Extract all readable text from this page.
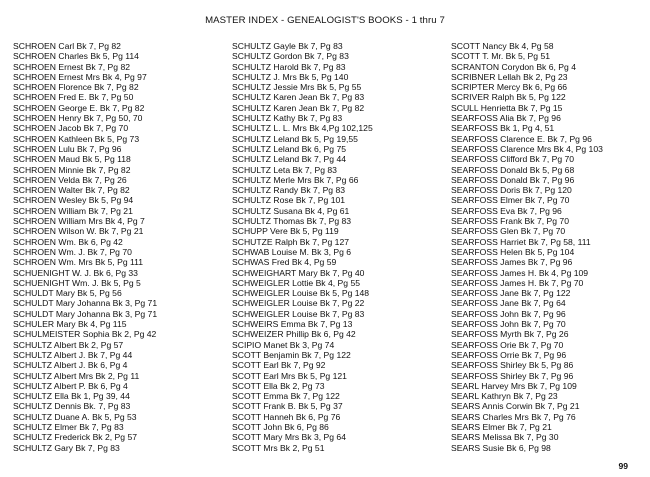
MASTER INDEX - GENEALOGIST'S BOOKS - 1 thru 7
SCHROEN Carl Bk 7, Pg 82
SCHROEN Charles Bk 5, Pg 114
SCHROEN Ernest Bk 7, Pg 82
SCHROEN Ernest Mrs Bk 4, Pg 97
SCHROEN Florence Bk 7, Pg 82
SCHROEN Fred E. Bk 7, Pg 50
SCHROEN George E. Bk 7, Pg 82
SCHROEN Henry Bk 7, Pg 50, 70
SCHROEN Jacob Bk 7, Pg 70
SCHROEN Kathleen Bk 5, Pg 73
SCHROEN Lulu Bk 7, Pg 96
SCHROEN Maud Bk 5, Pg 118
SCHROEN Minnie Bk 7, Pg 82
SCHROEN Velda Bk 7, Pg 26
SCHROEN Walter Bk 7, Pg 82
SCHROEN Wesley Bk 5, Pg 94
SCHROEN William Bk 7, Pg 21
SCHROEN William Mrs Bk 4, Pg 7
SCHROEN Wilson W. Bk 7, Pg 21
SCHROEN Wm. Bk 6, Pg 42
SCHROEN Wm. J. Bk 7, Pg 70
SCHROEN Wm. Mrs Bk 5, Pg 111
SCHUENIGHT W. J. Bk 6, Pg 33
SCHUENIGHT Wm. J. Bk 5, Pg 5
SCHULDT Mary Bk 5, Pg 56
SCHULDT Mary Johanna Bk 3, Pg 71
SCHULDT Mary Johanna Bk 3, Pg 71
SCHULER Mary Bk 4, Pg 115
SCHULMEISTER Sophia Bk 2, Pg 42
SCHULTZ Albert Bk 2, Pg 57
SCHULTZ Albert J. Bk 7, Pg 44
SCHULTZ Albert J. Bk 6, Pg 4
SCHULTZ Albert Mrs Bk 2, Pg 11
SCHULTZ Albert P. Bk 6, Pg 4
SCHULTZ Ella Bk 1, Pg 39, 44
SCHULTZ Dennis Bk. 7, Pg 83
SCHULTZ Duane A. Bk 5, Pg 53
SCHULTZ Elmer Bk 7, Pg 83
SCHULTZ Frederick Bk 2, Pg 57
SCHULTZ Gary Bk 7, Pg 83
SCHULTZ Gayle Bk 7, Pg 83
SCHULTZ Gordon Bk 7, Pg 83
SCHULTZ Harold Bk 7, Pg 83
SCHULTZ J. Mrs Bk 5, Pg 140
SCHULTZ Jessie Mrs Bk 5, Pg 55
SCHULTZ Karen Jean Bk 7, Pg 83
SCHULTZ Karen Jean Bk 7, Pg 82
SCHULTZ Kathy Bk 7, Pg 83
SCHULTZ L. L. Mrs Bk 4,Pg 102,125
SCHULTZ Leland Bk 5, Pg 19,55
SCHULTZ Leland Bk 6, Pg 75
SCHULTZ Leland Bk 7, Pg 44
SCHULTZ Leta Bk 7, Pg 83
SCHULTZ Merle Mrs Bk 7, Pg 66
SCHULTZ Randy Bk 7, Pg 83
SCHULTZ Rose Bk 7, Pg 101
SCHULTZ Susana Bk 4, Pg 61
SCHULTZ Thomas Bk 7, Pg 83
SCHUPP Vere Bk 5, Pg 119
SCHUTZE Ralph Bk 7, Pg 127
SCHWAB Louise M. Bk 3, Pg 6
SCHWAS Fred Bk 4, Pg 59
SCHWEIGHART Mary Bk 7, Pg 40
SCHWEIGLER Lottie Bk 4, Pg 55
SCHWEIGLER Louise Bk 5, Pg 148
SCHWEIGLER Louise Bk 7, Pg 22
SCHWEIGLER Louise Bk 7, Pg 83
SCHWEIRS Emma Bk 7, Pg 13
SCHWEIZER Phillip Bk 6, Pg 42
SCIPIO Manet Bk 3, Pg 74
SCOTT Benjamin Bk 7, Pg 122
SCOTT Earl Bk 7, Pg 92
SCOTT Earl Mrs Bk 5, Pg 121
SCOTT Ella Bk 2, Pg 73
SCOTT Emma Bk 7, Pg 122
SCOTT Frank B. Bk 5, Pg 37
SCOTT Hanneh Bk 6, Pg 76
SCOTT John Bk 6, Pg 86
SCOTT Mary Mrs Bk 3, Pg 64
SCOTT Mrs Bk 2, Pg 51
SCOTT Nancy Bk 4, Pg 58
SCOTT T. Mr. Bk 5, Pg 51
SCRANTON Corydon Bk 6, Pg 4
SCRIBNER Lellah Bk 2, Pg 23
SCRIPTER Mercy Bk 6, Pg 66
SCRIVER Ralph Bk 5, Pg 122
SCULL Henrietta Bk 7, Pg 15
SEARFOSS Alia Bk 7, Pg 96
SEARFOSS Bk 1, Pg 4, 51
SEARFOSS Clarence E. Bk 7, Pg 96
SEARFOSS Clarence Mrs Bk 4, Pg 103
SEARFOSS Clifford Bk 7, Pg 70
SEARFOSS Donald Bk 5, Pg 68
SEARFOSS Donald Bk 7, Pg 96
SEARFOSS Doris Bk 7, Pg 120
SEARFOSS Elmer Bk 7, Pg 70
SEARFOSS Eva Bk 7, Pg 96
SEARFOSS Frank Bk 7, Pg 70
SEARFOSS Glen Bk 7, Pg 70
SEARFOSS Harriet Bk 7, Pg 58, 111
SEARFOSS Helen Bk 5, Pg 104
SEARFOSS James Bk 7, Pg 96
SEARFOSS James H. Bk 4, Pg 109
SEARFOSS James H. Bk 7, Pg 70
SEARFOSS Jane Bk 7, Pg 122
SEARFOSS Jane Bk 7, Pg 64
SEARFOSS John Bk 7, Pg 96
SEARFOSS John Bk 7, Pg 70
SEARFOSS Myrth Bk 7, Pg 26
SEARFOSS Orie Bk 7, Pg 70
SEARFOSS Orrie Bk 7, Pg 96
SEARFOSS Shirley Bk 5, Pg 86
SEARFOSS Shirley Bk 7, Pg 96
SEARL Harvey Mrs Bk 7, Pg 109
SEARL Kathryn Bk 7, Pg 23
SEARS Annis Corwin Bk 7, Pg 21
SEARS Charles Mrs Bk 7, Pg 76
SEARS Elmer Bk 7, Pg 21
SEARS Melissa Bk 7, Pg 30
SEARS Susie Bk 6, Pg 98
99
